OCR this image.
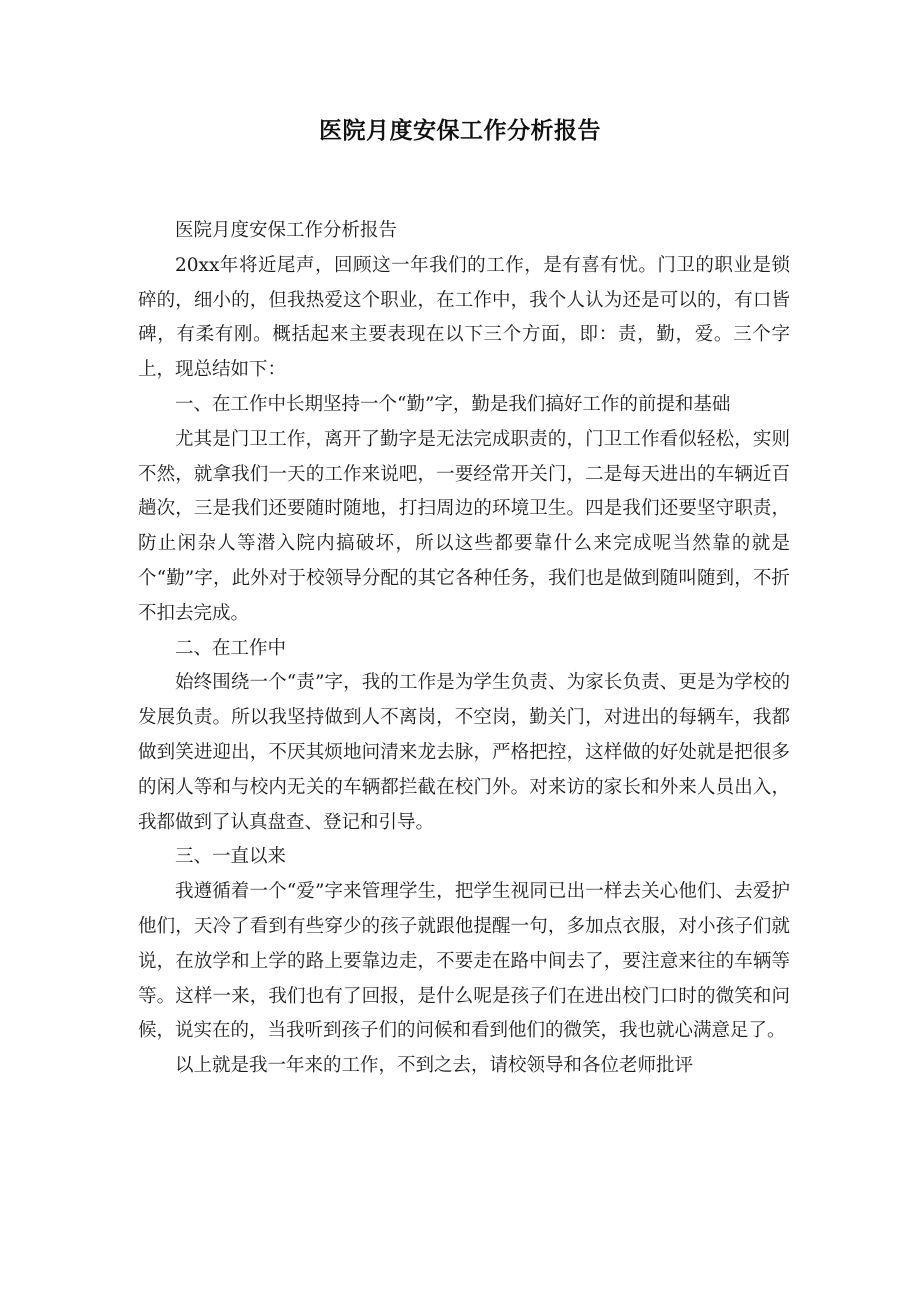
医院月度安保工作分析报告

医院月度安保工作分析报告

20xx年将近尾声，回顾这一年我们的工作，是有喜有忧。门卫的职业是锁碎的，细小的，但我热爱这个职业，在工作中，我个人认为还是可以的，有口皆碑，有柔有刚。概括起来主要表现在以下三个方面，即：责，勤，爱。三个字上，现总结如下：

一、在工作中长期坚持一个“勤”字，勤是我们搞好工作的前提和基础

尤其是门卫工作，离开了勤字是无法完成职责的，门卫工作看似轻松，实则不然，就拿我们一天的工作来说吧，一要经常开关门，二是每天进出的车辆近百趟次，三是我们还要随时随地，打扫周边的环境卫生。四是我们还要坚守职责，防止闲杂人等潜入院内搞破坏，所以这些都要靠什么来完成呢当然靠的就是个“勤”字，此外对于校领导分配的其它各种任务，我们也是做到随叫随到，不折不扣去完成。

二、在工作中

始终围绕一个“责”字，我的工作是为学生负责、为家长负责、更是为学校的发展负责。所以我坚持做到人不离岗，不空岗，勤关门，对进出的每辆车，我都做到笑进迎出，不厌其烦地问清来龙去脉，严格把控，这样做的好处就是把很多的闲人等和与校内无关的车辆都拦截在校门外。对来访的家长和外来人员出入，我都做到了认真盘查、登记和引导。

三、一直以来

我遵循着一个“爱”字来管理学生，把学生视同已出一样去关心他们、去爱护他们，天冷了看到有些穿少的孩子就跟他提醒一句，多加点衣服，对小孩子们就说，在放学和上学的路上要靠边走，不要走在路中间去了，要注意来往的车辆等等。这样一来，我们也有了回报，是什么呢是孩子们在进出校门口时的微笑和问候，说实在的，当我听到孩子们的问候和看到他们的微笑，我也就心满意足了。

以上就是我一年来的工作，不到之去，请校领导和各位老师批评
